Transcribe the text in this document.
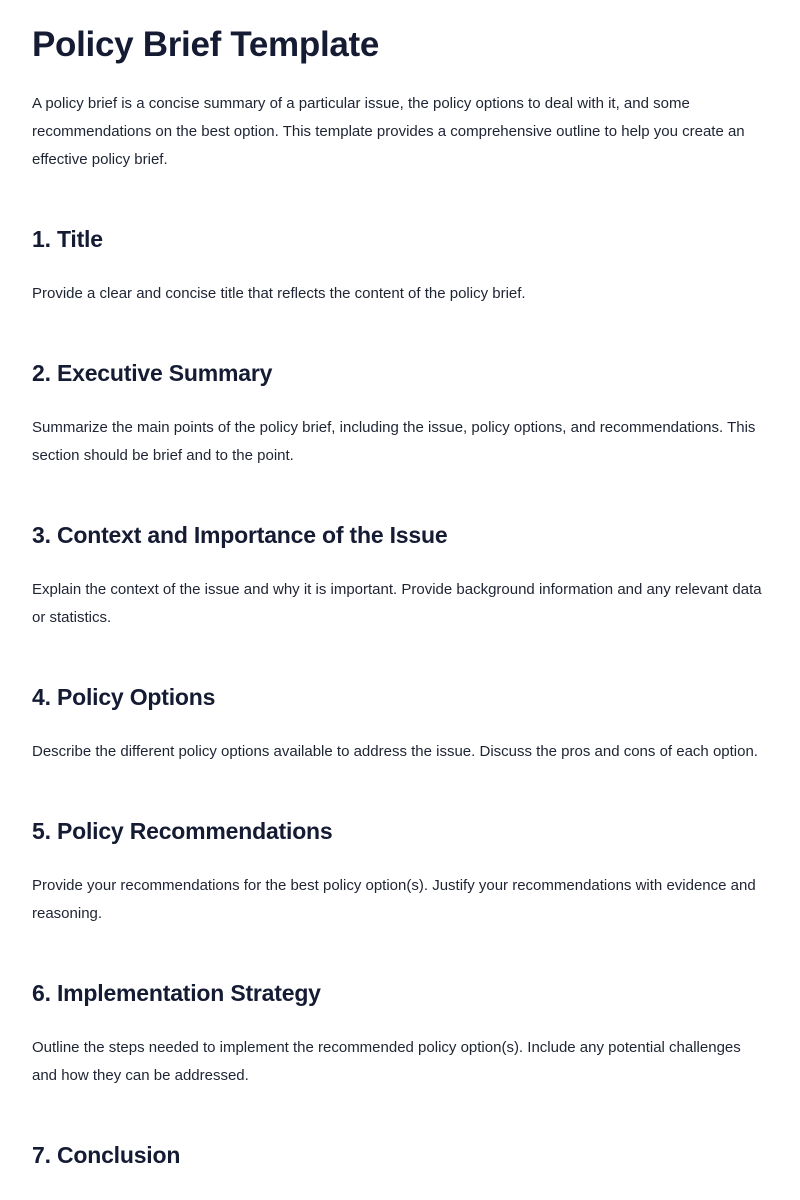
Policy Brief Template

A policy brief is a concise summary of a particular issue, the policy options to deal with it, and some recommendations on the best option. This template provides a comprehensive outline to help you create an effective policy brief.

1. Title

Provide a clear and concise title that reflects the content of the policy brief.

2. Executive Summary

Summarize the main points of the policy brief, including the issue, policy options, and recommendations. This section should be brief and to the point.

3. Context and Importance of the Issue

Explain the context of the issue and why it is important. Provide background information and any relevant data or statistics.

4. Policy Options

Describe the different policy options available to address the issue. Discuss the pros and cons of each option.

5. Policy Recommendations

Provide your recommendations for the best policy option(s). Justify your recommendations with evidence and reasoning.

6. Implementation Strategy

Outline the steps needed to implement the recommended policy option(s). Include any potential challenges and how they can be addressed.

7. Conclusion
